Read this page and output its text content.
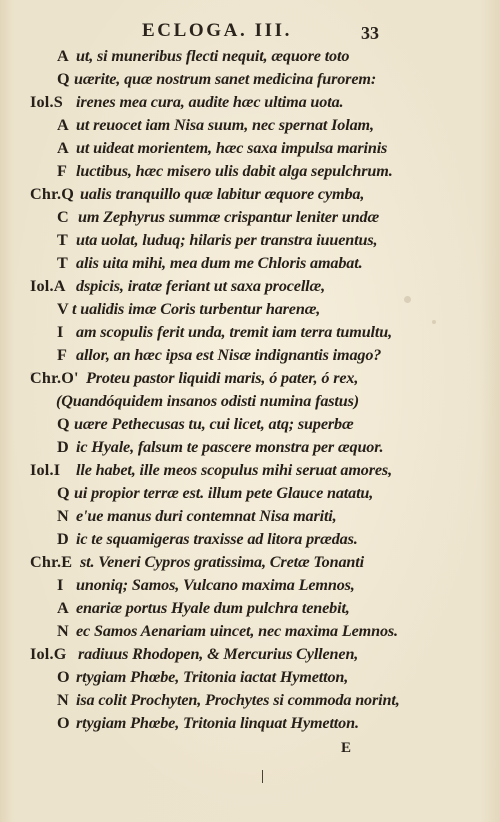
ECLOGA. III.	33
A ut, si muneribus flecti nequit, æquore toto
Q uærite, quæ nostrum sanet medicina furorem:
Iol.S irenes mea cura, audite hæc ultima uota.
A ut reuocet iam Nisa suum, nec spernat Iolam,
A ut uideat morientem, hæc saxa impulsa marinis
F luctibus, hæc misero ulis dabit alga sepulchrum.
Chr.Q ualis tranquillo quæ labitur æquore cymba,
C um Zephyrus summæ crispantur leniter undæ
T uta uolat, luduq; hilaris per transtra iuuentus,
T alis uita mihi, mea dum me Chloris amabat.
Iol.A dspicis, iratæ feriant ut saxa procellæ,
V t ualidis imæ Coris turbentur harenæ,
I am scopulis ferit unda, tremit iam terra tumultu,
F allor, an hæc ipsa est Nisæ indignantis imago?
Chr.O' Proteu pastor liquidi maris, ó pater, ó rex,
(Quandóquidem insanos odisti numina fastus)
Q uære Pethecusas tu, cui licet, atq; superbæ
D ic Hyale, falsum te pascere monstra per æquor.
Iol.I lle habet, ille meos scopulus mihi seruat amores,
Q ui propior terræ est. illum pete Glauce natatu,
N e'ue manus duri contemnat Nisa mariti,
D ic te squamigeras traxisse ad litora prædas.
Chr.E st. Veneri Cypros gratissima, Cretæ Tonanti
I unoniq; Samos, Vulcano maxima Lemnos,
A enariæ portus Hyale dum pulchra tenebit,
N ec Samos Aenariam uincet, nec maxima Lemnos.
Iol.G radiuus Rhodopen, & Mercurius Cyllenen,
O rtygiam Phœbe, Tritonia iactat Hymetton,
N isa colit Prochyten, Prochytes si commoda norint,
O rtygiam Phœbe, Tritonia linquat Hymetton.
E
